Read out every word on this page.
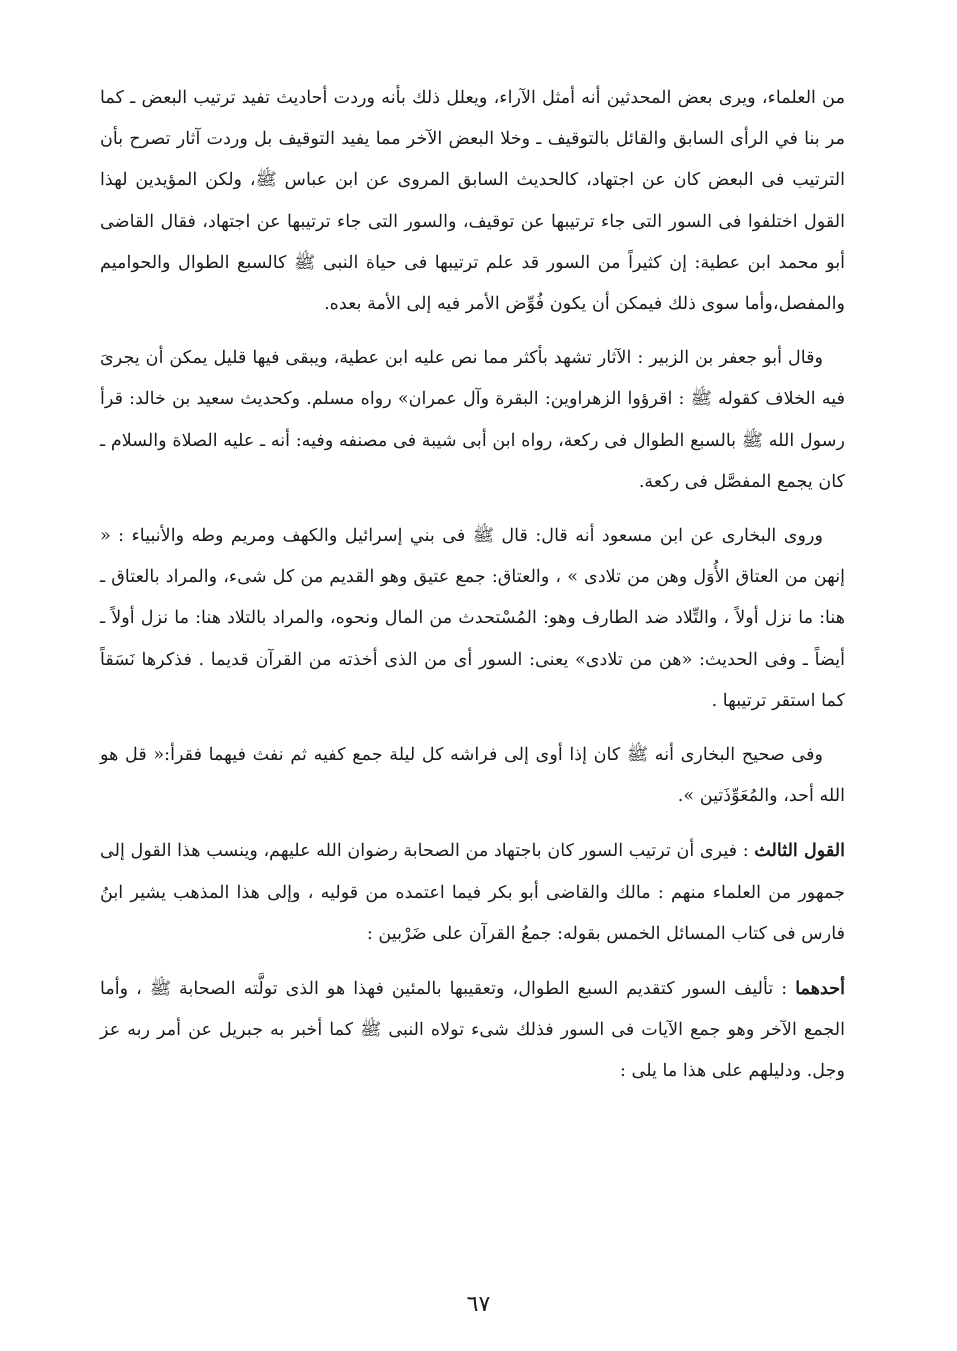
من العلماء، ويرى بعض المحدثين أنه أمثل الآراء، ويعلل ذلك بأنه وردت أحاديث تفيد ترتيب البعض ـ كما مر بنا في الرأى السابق والقائل بالتوقيف ـ وخلا البعض الآخر مما يفيد التوقيف بل وردت آثار تصرح بأن الترتيب فى البعض كان عن اجتهاد، كالحديث السابق المروى عن ابن عباس ﷺ، ولكن المؤيدين لهذا القول اختلفوا فى السور التى جاء ترتيبها عن توقيف، والسور التى جاء ترتيبها عن اجتهاد، فقال القاضى أبو محمد ابن عطية: إن كثيراً من السور قد علم ترتيبها فى حياة النبى ﷺ كالسبع الطوال والحواميم والمفصل،وأما سوى ذلك فيمكن أن يكون فُوِّض الأمر فيه إلى الأمة بعده.

وقال أبو جعفر بن الزبير : الآثار تشهد بأكثر مما نص عليه ابن عطية، ويبقى فيها قليل يمكن أن يجرىَ فيه الخلاف كقوله ﷺ : اقرؤوا الزهراوين: البقرة وآل عمران» رواه مسلم. وكحديث سعيد بن خالد: قرأ رسول الله ﷺ بالسبع الطوال فى ركعة، رواه ابن أبى شيبة فى مصنفه وفيه: أنه ـ عليه الصلاة والسلام ـ كان يجمع المفصَّل فى ركعة.

وروى البخارى عن ابن مسعود أنه قال: قال ﷺ فى بني إسرائيل والكهف ومريم وطه والأنبياء : « إنهن من العتاق الأُوَل وهن من تلادى » ، والعتاق: جمع عتيق وهو القديم من كل شىء، والمراد بالعتاق ـ هنا: ما نزل أولاً ، والتِّلاد ضد الطارف وهو: المُسْتحدث من المال ونحوه، والمراد بالتلاد هنا: ما نزل أولاً ـ أيضاً ـ وفى الحديث: «هن من تلادى» يعنى: السور أى من الذى أخذته من القرآن قديما . فذكرها نَسَقاً كما استقر ترتيبها .

وفى صحيح البخارى أنه ﷺ كان إذا أوى إلى فراشه كل ليلة جمع كفيه ثم نفث فيهما فقرأ:« قل هو الله أحد، والمُعَوِّذَتين ».

القول الثالث : فيرى أن ترتيب السور كان باجتهاد من الصحابة رضوان الله عليهم، وينسب هذا القول إلى جمهور من العلماء منهم : مالك والقاضى أبو بكر فيما اعتمده من قوليه ، وإلى هذا المذهب يشير ابنُ فارس فى كتاب المسائل الخمس بقوله: جمعُ القرآن على ضَرْبين :

أحدهما : تأليف السور كتقديم السبع الطوال، وتعقيبها بالمئين فهذا هو الذى تولَّته الصحابة ﷺ ، وأما الجمع الآخر وهو جمع الآيات فى السور فذلك شىء تولاه النبى ﷺ كما أخبر به جبريل عن أمر ربه عز وجل. ودليلهم على هذا ما يلى :

٦٧
